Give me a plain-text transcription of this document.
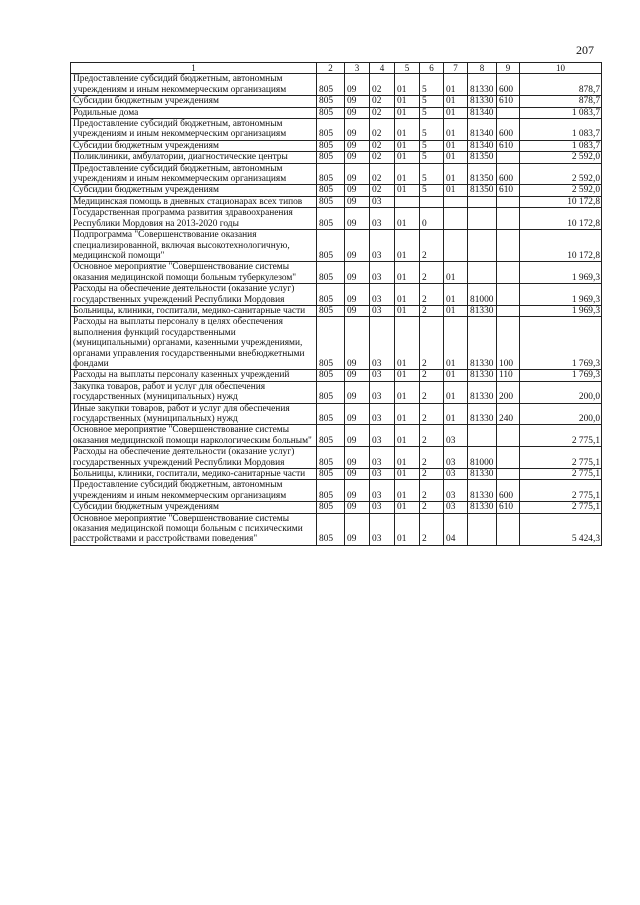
207
1	2	3	4	5	6	7	8	9	10
Предоставление субсидий бюджетным, автономным учреждениям и иным некоммерческим организациям	805	09	02	01	5	01	81330	600	878,7
Субсидии бюджетным учреждениям	805	09	02	01	5	01	81330	610	878,7
Родильные дома	805	09	02	01	5	01	81340		1 083,7
Предоставление субсидий бюджетным, автономным учреждениям и иным некоммерческим организациям	805	09	02	01	5	01	81340	600	1 083,7
Субсидии бюджетным учреждениям	805	09	02	01	5	01	81340	610	1 083,7
Поликлиники, амбулатории, диагностические центры	805	09	02	01	5	01	81350		2 592,0
Предоставление субсидий бюджетным, автономным учреждениям и иным некоммерческим организациям	805	09	02	01	5	01	81350	600	2 592,0
Субсидии бюджетным учреждениям	805	09	02	01	5	01	81350	610	2 592,0
Медицинская помощь в дневных стационарах всех типов	805	09	03						10 172,8
Государственная программа развития здравоохранения Республики Мордовия на 2013-2020 годы	805	09	03	01	0				10 172,8
Подпрограмма "Совершенствование оказания специализированной, включая высокотехнологичную, медицинской помощи"	805	09	03	01	2				10 172,8
Основное мероприятие "Совершенствование системы оказания медицинской помощи больным туберкулезом"	805	09	03	01	2	01			1 969,3
Расходы на обеспечение деятельности (оказание услуг) государственных учреждений Республики Мордовия	805	09	03	01	2	01	81000		1 969,3
Больницы, клиники, госпитали, медико-санитарные части	805	09	03	01	2	01	81330		1 969,3
Расходы на выплаты персоналу в целях обеспечения выполнения функций государственными (муниципальными) органами, казенными учреждениями, органами управления государственными внебюджетными фондами	805	09	03	01	2	01	81330	100	1 769,3
Расходы на выплаты персоналу казенных учреждений	805	09	03	01	2	01	81330	110	1 769,3
Закупка товаров, работ и услуг для обеспечения государственных (муниципальных) нужд	805	09	03	01	2	01	81330	200	200,0
Иные закупки товаров, работ и услуг для обеспечения государственных (муниципальных) нужд	805	09	03	01	2	01	81330	240	200,0
Основное мероприятие "Совершенствование системы оказания медицинской помощи наркологическим больным"	805	09	03	01	2	03			2 775,1
Расходы на обеспечение деятельности (оказание услуг) государственных учреждений Республики Мордовия	805	09	03	01	2	03	81000		2 775,1
Больницы, клиники, госпитали, медико-санитарные части	805	09	03	01	2	03	81330		2 775,1
Предоставление субсидий бюджетным, автономным учреждениям и иным некоммерческим организациям	805	09	03	01	2	03	81330	600	2 775,1
Субсидии бюджетным учреждениям	805	09	03	01	2	03	81330	610	2 775,1
Основное мероприятие "Совершенствование системы оказания медицинской помощи больным с психическими расстройствами и расстройствами поведения"	805	09	03	01	2	04			5 424,3
